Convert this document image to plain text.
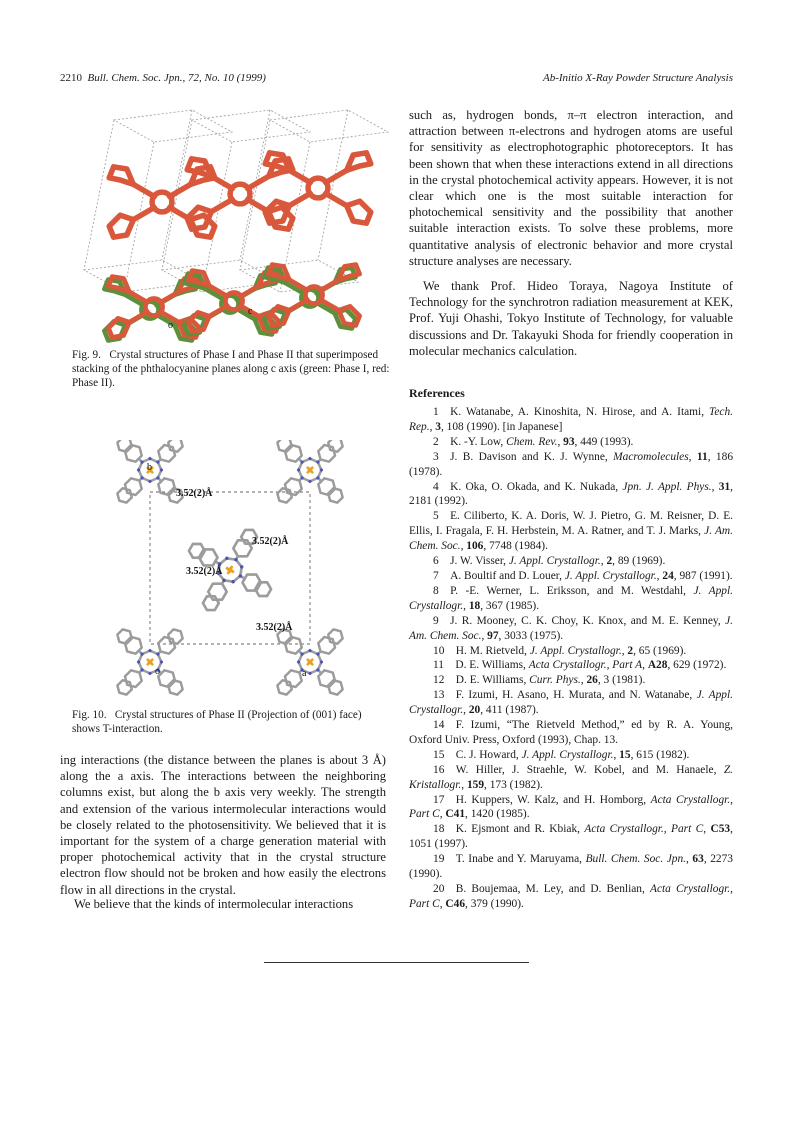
2210 Bull. Chem. Soc. Jpn., 72, No. 10 (1999)	Ab-Initio X-Ray Powder Structure Analysis
o
c
Fig. 9. Crystal structures of Phase I and Phase II that superimposed stacking of the phthalocyanine planes along c axis (green: Phase I, red: Phase II).
3.52(2)Å
3.52(2)Å
3.52(2)Å
3.52(2)Å
b
o	a
Fig. 10. Crystal structures of Phase II (Projection of (001) face) shows T-interaction.
ing interactions (the distance between the planes is about 3 Å) along the a axis. The interactions between the neighboring columns exist, but along the b axis very weekly. The strength and extension of the various intermolecular interactions would be closely related to the photosensitivity. We believed that it is important for the system of a charge generation material with proper photochemical activity that in the crystal structure electron flow should not be broken and how easily the electrons flow in all directions in the crystal.
We believe that the kinds of intermolecular interactions
such as, hydrogen bonds, π–π electron interaction, and attraction between π-electrons and hydrogen atoms are useful for sensitivity as electrophotographic photoreceptors. It has been shown that when these interactions extend in all directions in the crystal photochemical activity appears. However, it is not clear which one is the most suitable interaction for photochemical sensitivity and the possibility that another suitable interaction exists. To solve these problems, more quantitative analysis of electronic behavior and more crystal structure analyses are necessary.
We thank Prof. Hideo Toraya, Nagoya Institute of Technology for the synchrotron radiation measurement at KEK, Prof. Yuji Ohashi, Tokyo Institute of Technology, for valuable discussions and Dr. Takayuki Shoda for friendly cooperation in molecular mechanics calculation.
References

1  K. Watanabe, A. Kinoshita, N. Hirose, and A. Itami, Tech. Rep., 3, 108 (1990). [in Japanese]

2  K. -Y. Low, Chem. Rev., 93, 449 (1993).

3  J. B. Davison and K. J. Wynne, Macromolecules, 11, 186 (1978).

4  K. Oka, O. Okada, and K. Nukada, Jpn. J. Appl. Phys., 31, 2181 (1992).

5  E. Ciliberto, K. A. Doris, W. J. Pietro, G. M. Reisner, D. E. Ellis, I. Fragala, F. H. Herbstein, M. A. Ratner, and T. J. Marks, J. Am. Chem. Soc., 106, 7748 (1984).

6  J. W. Visser, J. Appl. Crystallogr., 2, 89 (1969).

7  A. Boultif and D. Louer, J. Appl. Crystallogr., 24, 987 (1991).

8  P. -E. Werner, L. Eriksson, and M. Westdahl, J. Appl. Crystallogr., 18, 367 (1985).

9  J. R. Mooney, C. K. Choy, K. Knox, and M. E. Kenney, J. Am. Chem. Soc., 97, 3033 (1975).

10  H. M. Rietveld, J. Appl. Crystallogr., 2, 65 (1969).

11  D. E. Williams, Acta Crystallogr., Part A, A28, 629 (1972).

12  D. E. Williams, Curr. Phys., 26, 3 (1981).

13  F. Izumi, H. Asano, H. Murata, and N. Watanabe, J. Appl. Crystallogr., 20, 411 (1987).

14  F. Izumi, “The Rietveld Method,” ed by R. A. Young, Oxford Univ. Press, Oxford (1993), Chap. 13.

15  C. J. Howard, J. Appl. Crystallogr., 15, 615 (1982).

16  W. Hiller, J. Straehle, W. Kobel, and M. Hanaele, Z. Kristallogr., 159, 173 (1982).

17  H. Kuppers, W. Kalz, and H. Homborg, Acta Crystallogr., Part C, C41, 1420 (1985).

18  K. Ejsmont and R. Kbiak, Acta Crystallogr., Part C, C53, 1051 (1997).

19  T. Inabe and Y. Maruyama, Bull. Chem. Soc. Jpn., 63, 2273 (1990).

20  B. Boujemaa, M. Ley, and D. Benlian, Acta Crystallogr., Part C, C46, 379 (1990).
